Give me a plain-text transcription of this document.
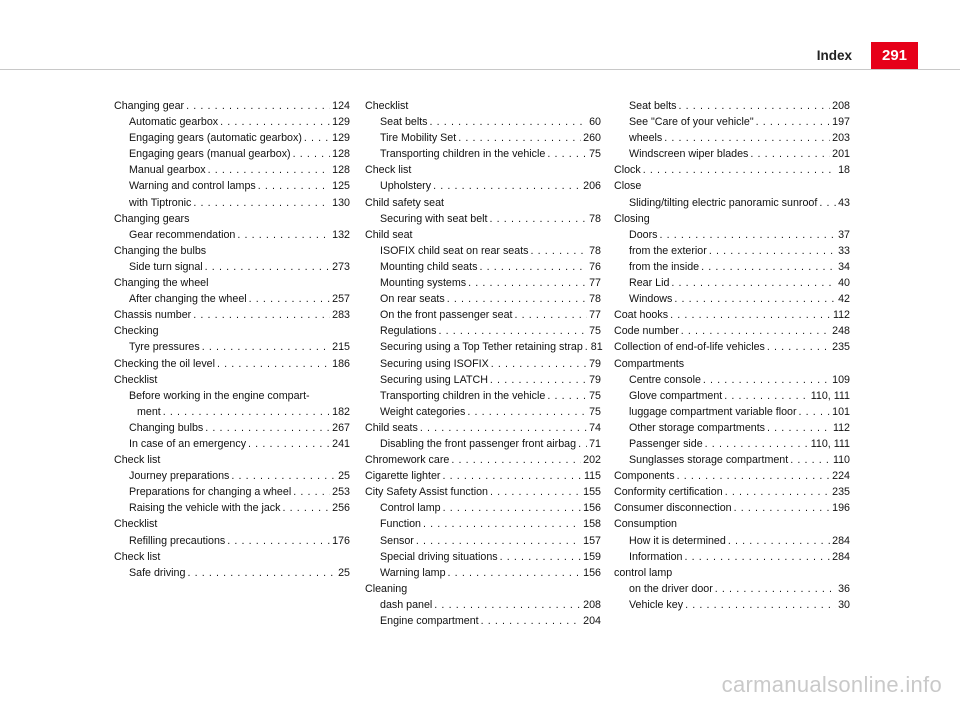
Index 291
Changing gear . . .	124
Automatic gearbox . . .	129
Engaging gears (automatic gearbox) . . .	129
Engaging gears (manual gearbox) . . .	128
Manual gearbox . . .	128
Warning and control lamps . . .	125
with Tiptronic . . .	130
Changing gears
Gear recommendation . . .	132
Changing the bulbs
Side turn signal . . .	273
Changing the wheel
After changing the wheel . . .	257
Chassis number . . .	283
Checking
Tyre pressures . . .	215
Checking the oil level . . .	186
Checklist
Before working in the engine compart-
ment . . .	182
Changing bulbs . . .	267
In case of an emergency . . .	241
Check list
Journey preparations . . .	25
Preparations for changing a wheel . . .	253
Raising the vehicle with the jack . . .	256
Checklist
Refilling precautions . . .	176
Check list
Safe driving . . .	25
Checklist
Seat belts . . .	60
Tire Mobility Set . . .	260
Transporting children in the vehicle . . .	75
Check list
Upholstery . . .	206
Child safety seat
Securing with seat belt . . .	78
Child seat
ISOFIX child seat on rear seats . . .	78
Mounting child seats . . .	76
Mounting systems . . .	77
On rear seats . . .	78
On the front passenger seat . . .	77
Regulations . . .	75
Securing using a Top Tether retaining strap . . . 81
Securing using ISOFIX . . .	79
Securing using LATCH . . .	79
Transporting children in the vehicle . . .	75
Weight categories . . .	75
Child seats . . .	74
Disabling the front passenger front airbag . . . 71
Chromework care . . .	202
Cigarette lighter . . .	115
City Safety Assist function . . .	155
Control lamp . . .	156
Function . . .	158
Sensor . . .	157
Special driving situations . . .	159
Warning lamp . . .	156
Cleaning
dash panel . . .	208
Engine compartment . . .	204
Seat belts . . .	208
See "Care of your vehicle" . . .	197
wheels . . .	203
Windscreen wiper blades . . .	201
Clock . . .	18
Close
Sliding/tilting electric panoramic sunroof . . . 43
Closing
Doors . . .	37
from the exterior . . .	33
from the inside . . .	34
Rear Lid . . .	40
Windows . . .	42
Coat hooks . . .	112
Code number . . .	248
Collection of end-of-life vehicles . . .	235
Compartments
Centre console . . .	109
Glove compartment . . .	110, 111
luggage compartment variable floor . . .	101
Other storage compartments . . .	112
Passenger side . . .	110, 111
Sunglasses storage compartment . . .	110
Components . . .	224
Conformity certification . . .	235
Consumer disconnection . . .	196
Consumption
How it is determined . . .	284
Information . . .	284
control lamp
on the driver door . . .	36
Vehicle key . . .	30
carmanualsonline.info
